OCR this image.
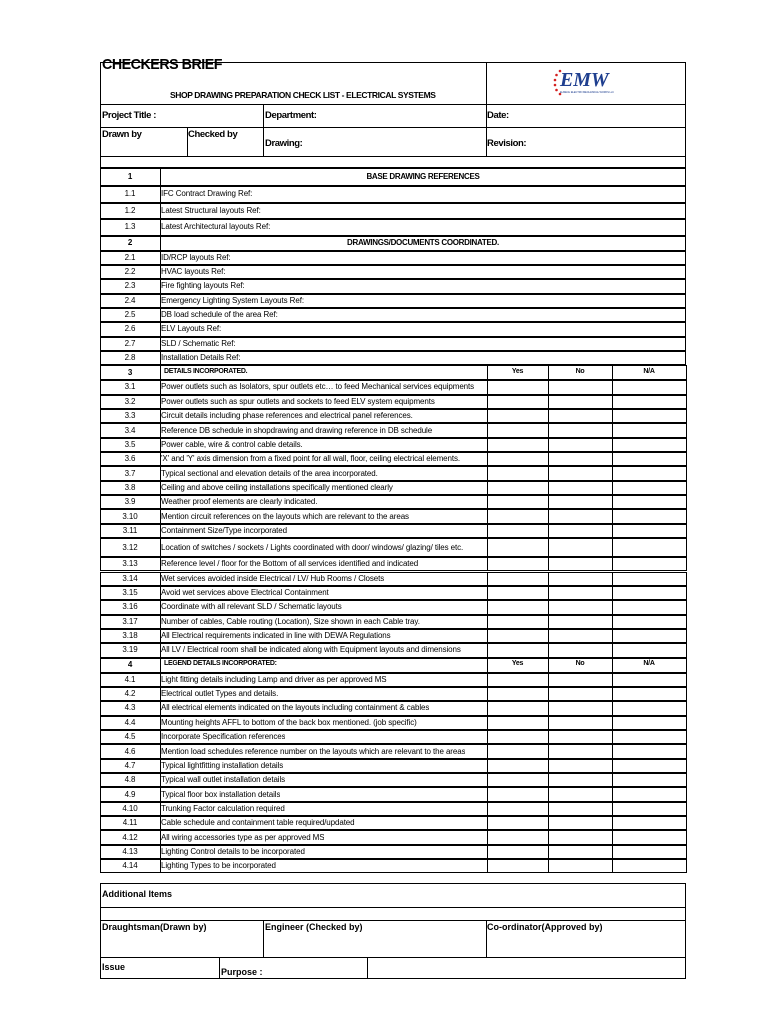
CHECKERS BRIEF
SHOP DRAWING PREPARATION CHECK LIST - ELECTRICAL SYSTEMS
EMW
ELMECH ELECTRO MECHANICAL WORKS LLC
Project Title :	Department:	Date:
Drawn by	Checked by
Drawing:	Revision:
1	BASE DRAWING REFERENCES
1.1	IFC Contract Drawing Ref:
1.2	Latest Structural layouts Ref:
1.3	Latest Architectural layouts Ref:
2	DRAWINGS/DOCUMENTS COORDINATED.
2.1	ID/RCP layouts Ref:
2.2	HVAC layouts Ref:
2.3	Fire fighting layouts Ref:
2.4	Emergency Lighting System Layouts Ref:
2.5	DB load schedule of the area Ref:
2.6	ELV Layouts Ref:
2.7	SLD / Schematic Ref:
2.8	Installation Details Ref:
3	DETAILS INCORPORATED.	Yes	No	N/A
3.1	Power outlets such as Isolators, spur outlets etc… to feed Mechanical services equipments
3.2	Power outlets such as spur outlets and sockets to feed ELV system equipments
3.3	Circuit details including phase references and electrical panel references.
3.4	Reference DB schedule in shopdrawing and drawing reference in DB schedule
3.5	Power cable, wire & control cable details.
3.6	'X' and 'Y' axis dimension from a fixed point for all wall, floor, ceiling electrical elements.
3.7	Typical sectional and elevation details of the area incorporated.
3.8	Ceiling and above ceiling installations specifically mentioned clearly
3.9	Weather proof elements are clearly indicated.
3.10	Mention circuit references on the layouts which are relevant to the areas
3.11	Containment Size/Type incorporated
3.12	Location of switches / sockets / Lights coordinated with door/ windows/ glazing/ tiles etc.
3.13	Reference level / floor for the Bottom of all services identified and indicated
3.14	Wet services avoided inside Electrical / LV/ Hub Rooms / Closets
3.15	Avoid wet services above Electrical Containment
3.16	Coordinate with all relevant SLD / Schematic layouts
3.17	Number of cables, Cable routing (Location), Size shown in each Cable tray.
3.18	All Electrical requirements indicated in line with DEWA Regulations
3.19	All LV / Electrical room shall be indicated along with Equipment layouts and dimensions
4	LEGEND DETAILS INCORPORATED:	Yes	No	N/A
4.1	Light fitting details including Lamp and driver as per approved MS
4.2	Electrical outlet Types and details.
4.3	All electrical elements indicated on the layouts including containment & cables
4.4	Mounting heights AFFL to bottom of the back box mentioned. (job specific)
4.5	Incorporate Specification references
4.6	Mention load schedules reference number on the layouts which are relevant to the areas
4.7	Typical lightfitting installation details
4.8	Typical wall outlet installation details
4.9	Typical floor box installation details
4.10	Trunking Factor calculation required
4.11	Cable schedule and containment table required/updated
4.12	All wiring accessories type as per approved MS
4.13	Lighting Control details to be incorporated
4.14	Lighting Types to be incorporated
Additional Items
Draughtsman(Drawn by)	Engineer (Checked by)	Co-ordinator(Approved by)
Issue	Purpose :
